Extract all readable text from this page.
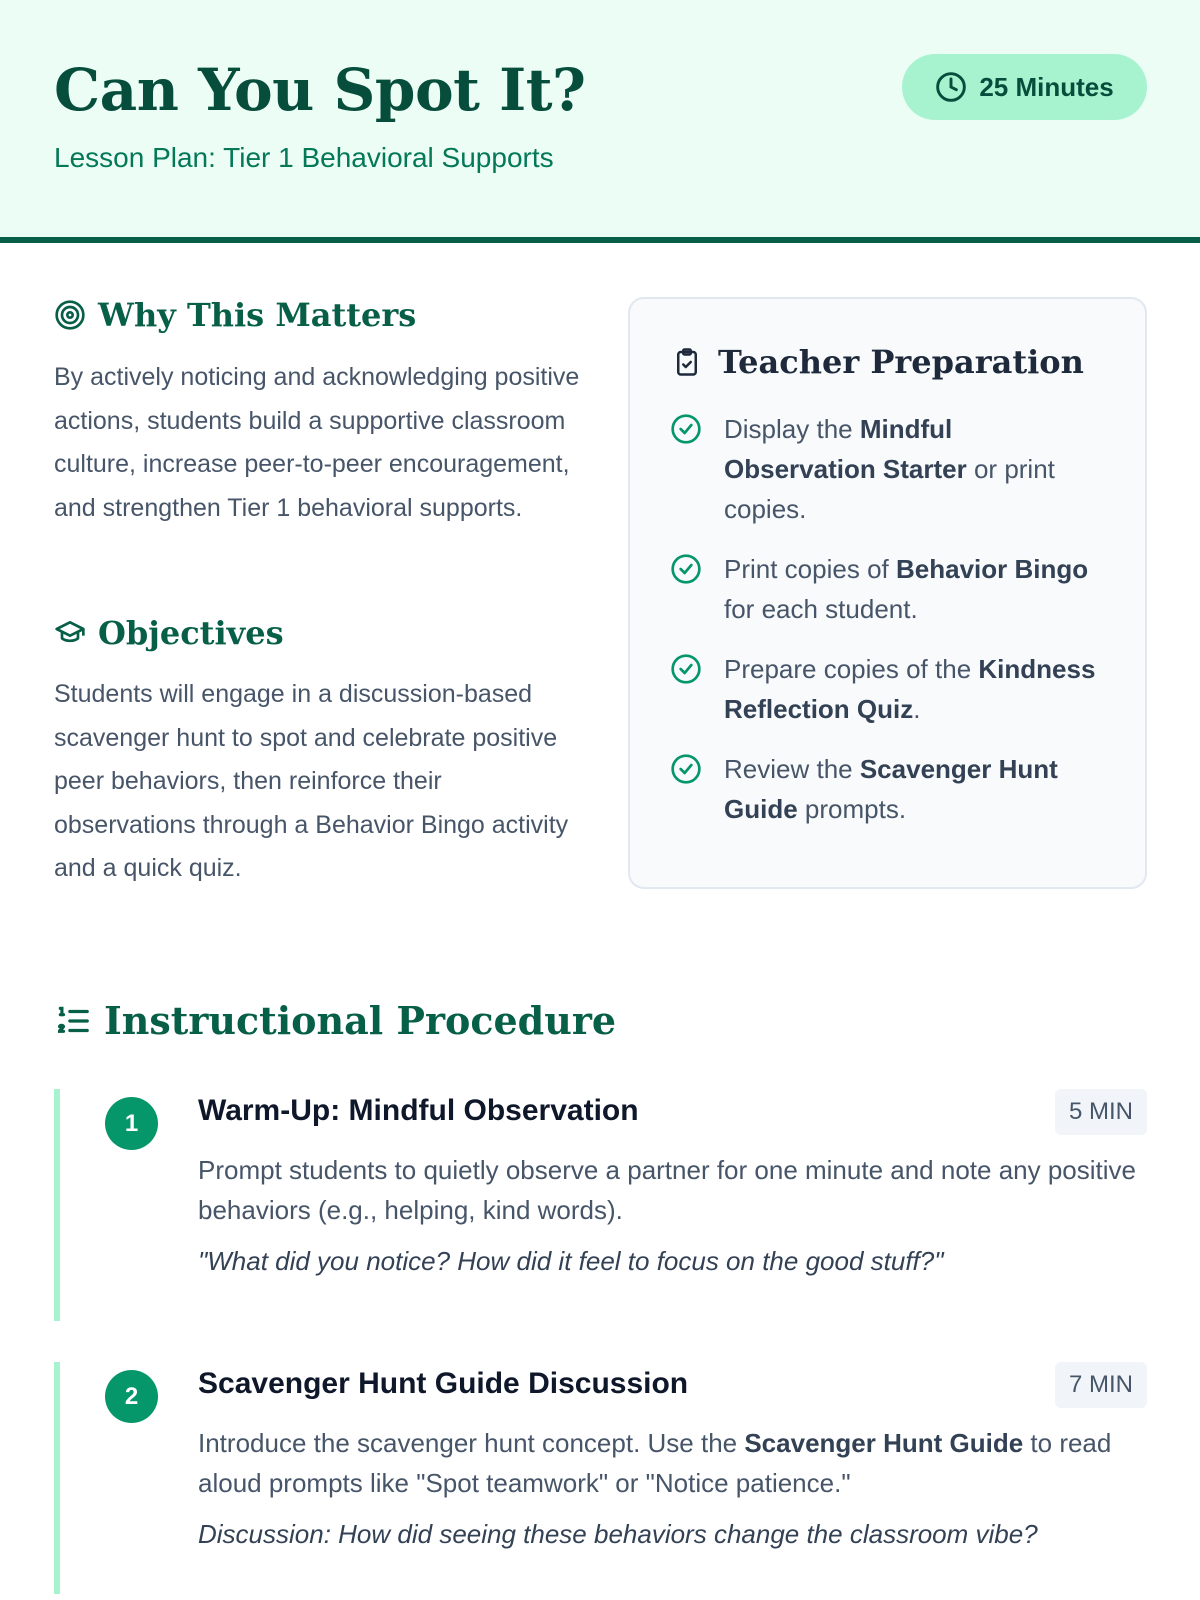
Can You Spot It?
Lesson Plan: Tier 1 Behavioral Supports
25 Minutes
Why This Matters

By actively noticing and acknowledging positive actions, students build a supportive classroom culture, increase peer-to-peer encouragement, and strengthen Tier 1 behavioral supports.

Objectives

Students will engage in a discussion-based scavenger hunt to spot and celebrate positive peer behaviors, then reinforce their observations through a Behavior Bingo activity and a quick quiz.

Teacher Preparation
Display the Mindful Observation Starter or print copies.
Print copies of Behavior Bingo for each student.
Prepare copies of the Kindness Reflection Quiz.
Review the Scavenger Hunt Guide prompts.
Instructional Procedure
1	Warm-Up: Mindful Observation	5 MIN
Prompt students to quietly observe a partner for one minute and note any positive behaviors (e.g., helping, kind words).
"What did you notice? How did it feel to focus on the good stuff?"
2	Scavenger Hunt Guide Discussion	7 MIN
Introduce the scavenger hunt concept. Use the Scavenger Hunt Guide to read aloud prompts like "Spot teamwork" or "Notice patience."
Discussion: How did seeing these behaviors change the classroom vibe?
